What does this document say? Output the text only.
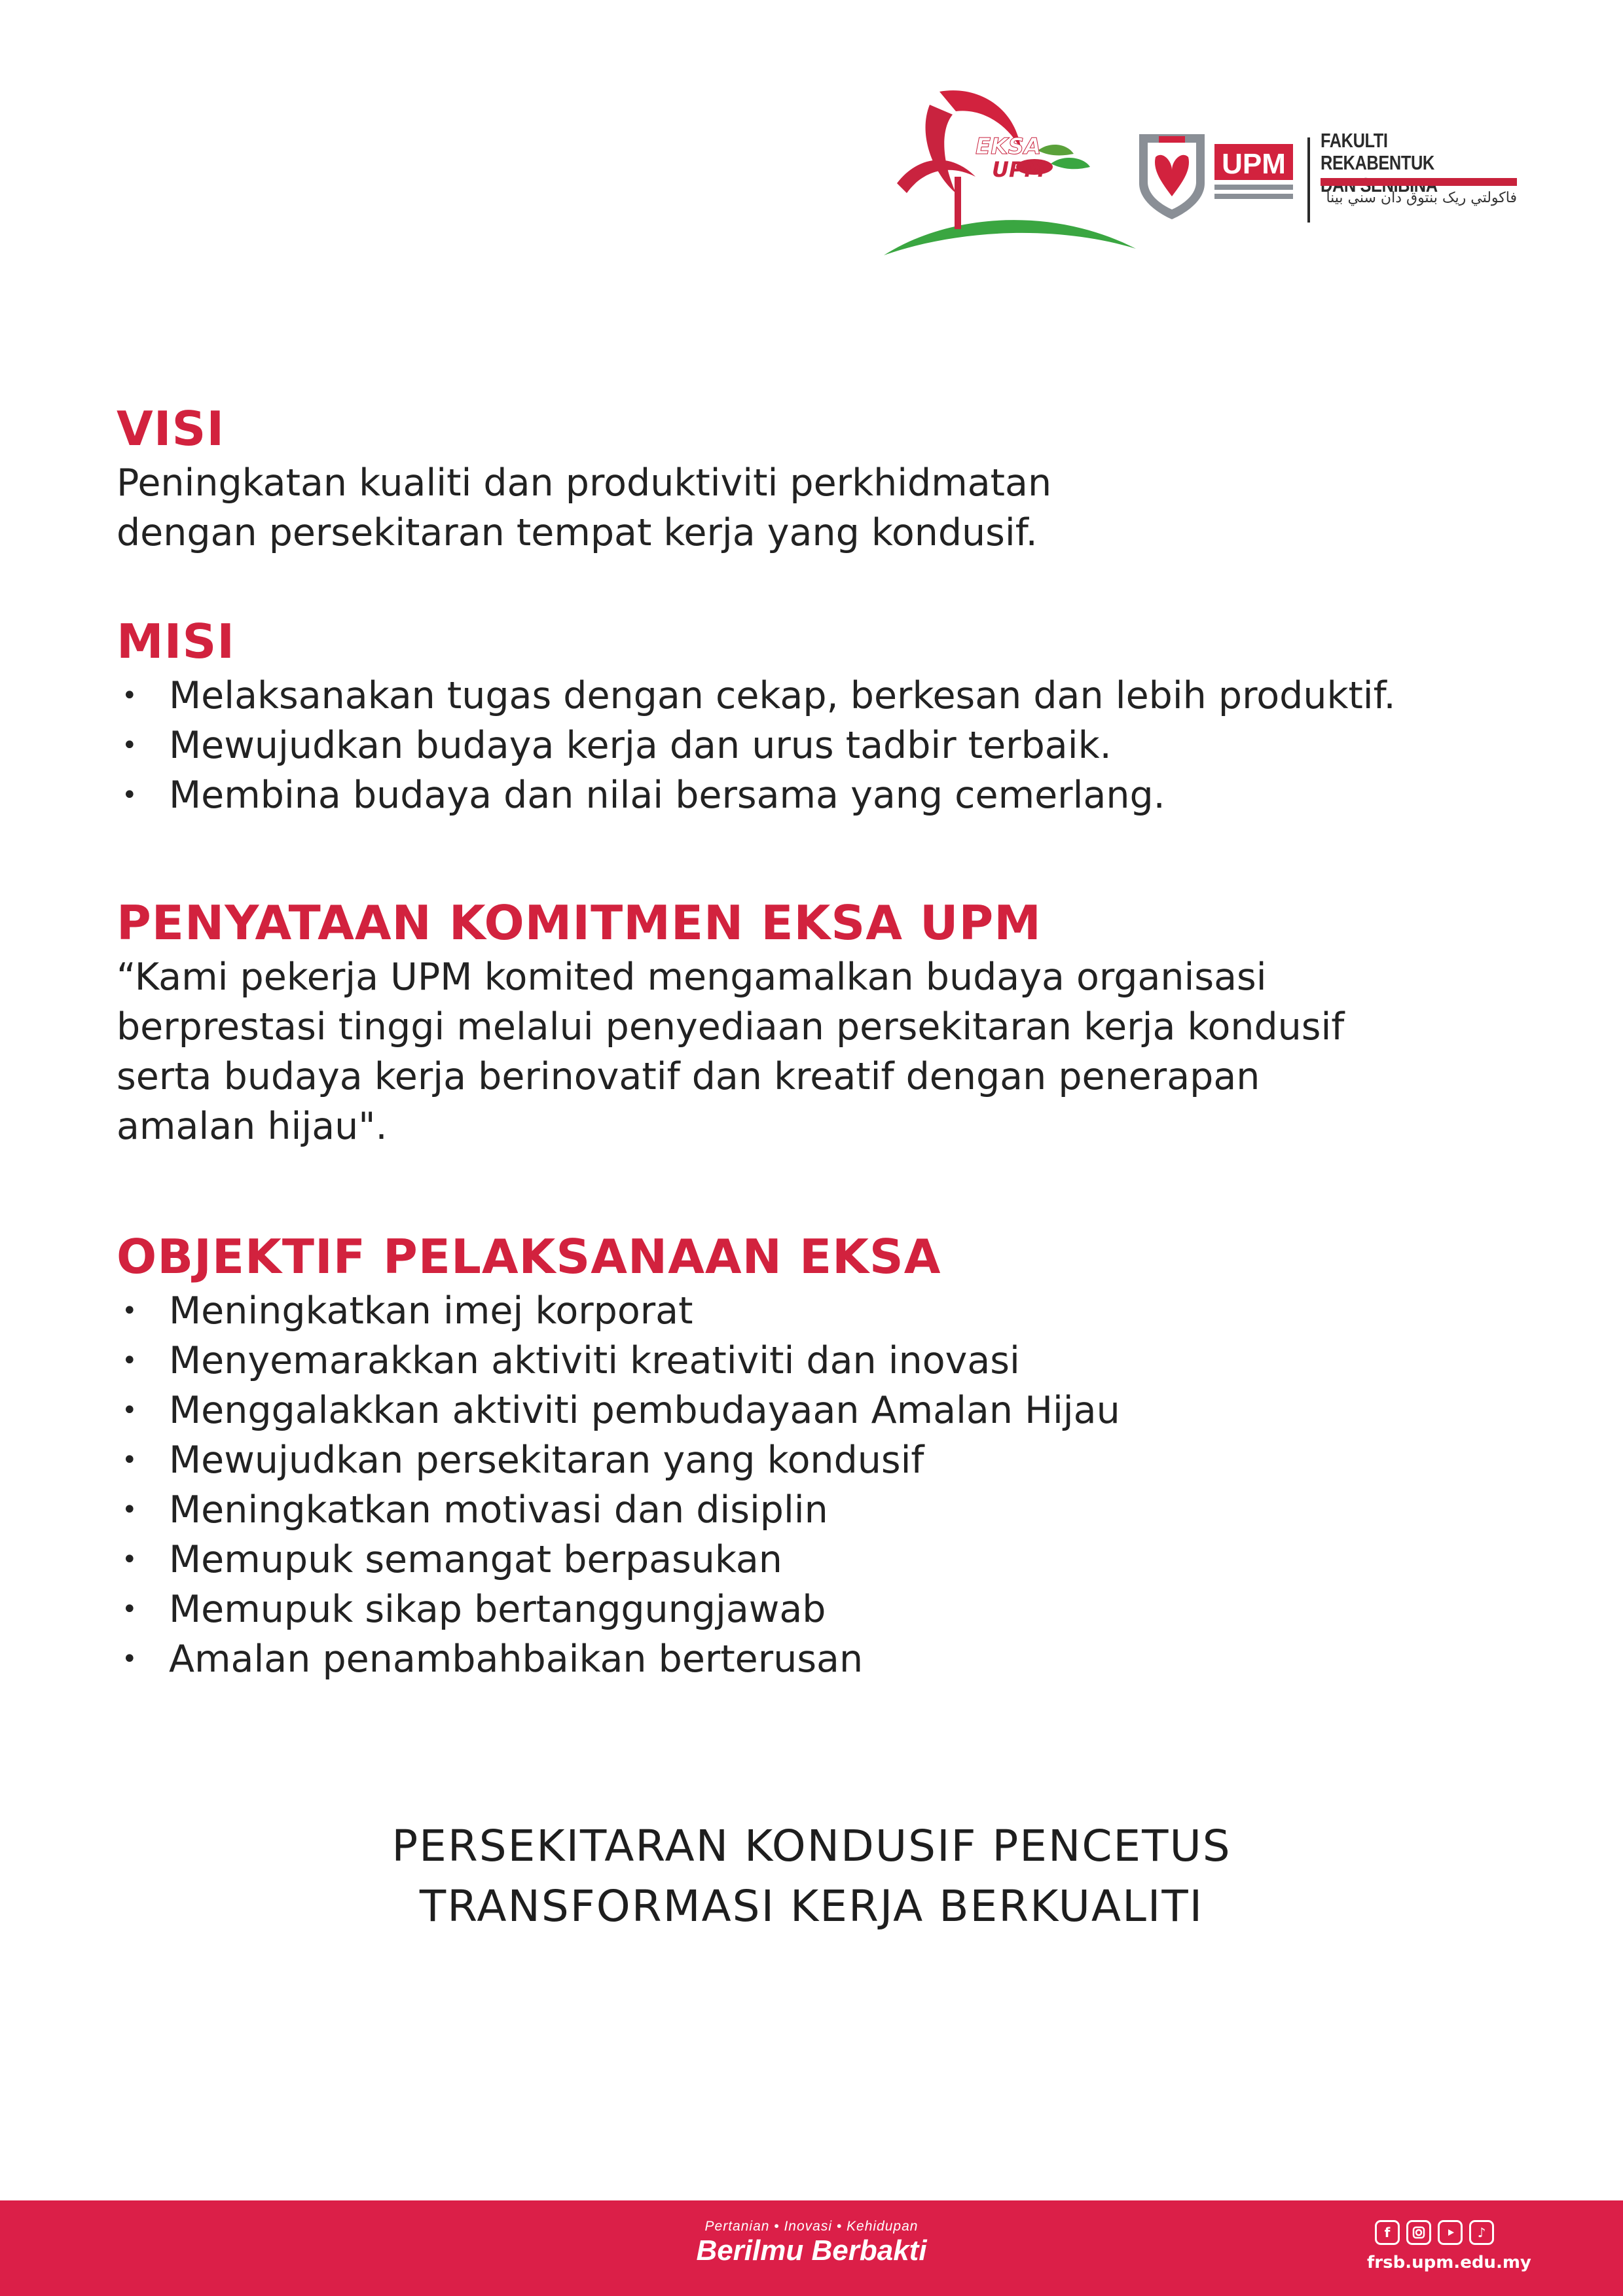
EKSA
UPM	UPM
FAKULTI REKABENTUK
فاکولتي ريک بنتوق دان سني بينا
VISI

Peningkatan kualiti dan produktiviti perkhidmatan

dengan persekitaran tempat kerja yang kondusif.

MISI
• Melaksanakan tugas dengan cekap, berkesan dan lebih produktif.
• Mewujudkan budaya kerja dan urus tadbir terbaik.
• Membina budaya dan nilai bersama yang cemerlang.
PENYATAAN KOMITMEN EKSA UPM

“Kami pekerja UPM komited mengamalkan budaya organisasi

berprestasi tinggi melalui penyediaan persekitaran kerja kondusif

serta budaya kerja berinovatif dan kreatif dengan penerapan

amalan hijau".

OBJEKTIF PELAKSANAAN EKSA
• Meningkatkan imej korporat
• Menyemarakkan aktiviti kreativiti dan inovasi
• Menggalakkan aktiviti pembudayaan Amalan Hijau
• Mewujudkan persekitaran yang kondusif
• Meningkatkan motivasi dan disiplin
• Memupuk semangat berpasukan
• Memupuk sikap bertanggungjawab
• Amalan penambahbaikan berterusan
PERSEKITARAN KONDUSIF PENCETUS
TRANSFORMASI KERJA BERKUALITI
Pertanian • Inovasi • Kehidupan
Berilmu Berbakti
f	♪
frsb.upm.edu.my
